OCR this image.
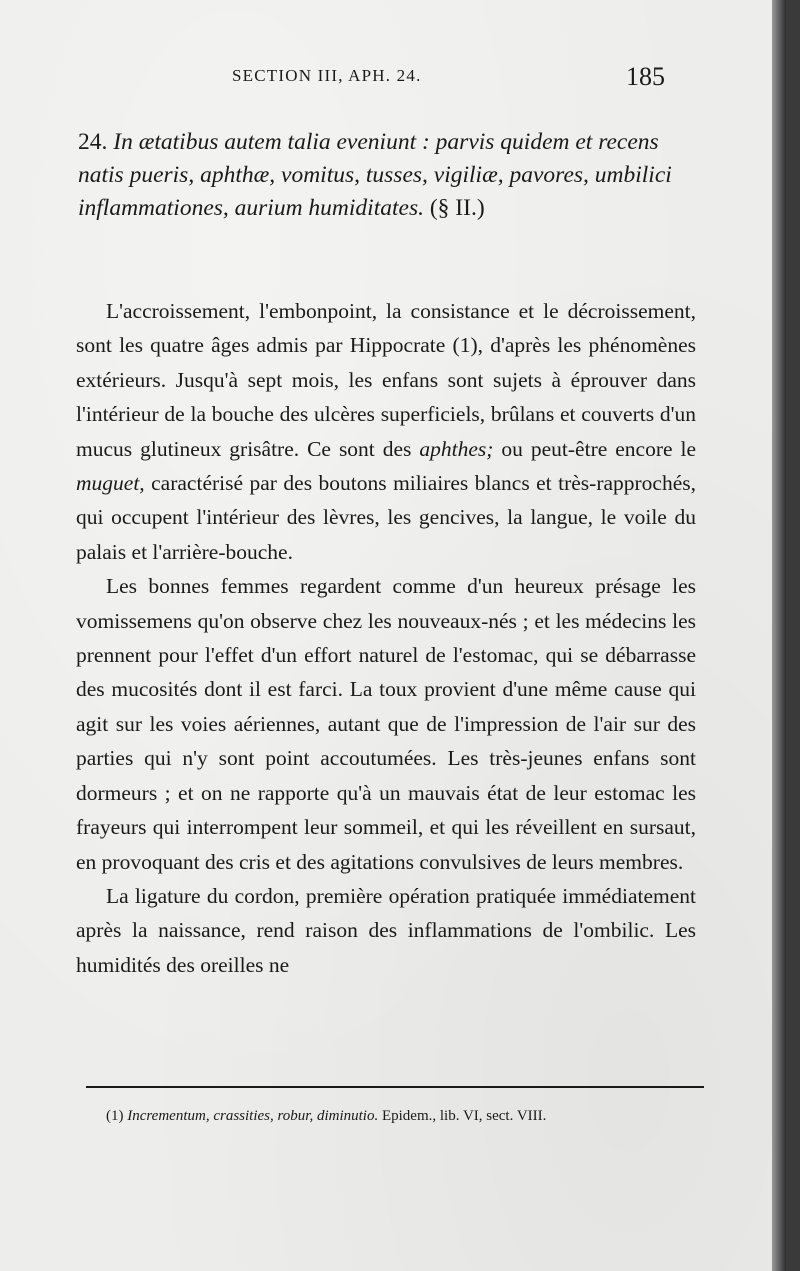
SECTION III, APH. 24.	185
24. In ætatibus autem talia eveniunt : parvis quidem et recens natis pueris, aphthæ, vomitus, tusses, vigiliæ, pavores, umbilici inflammationes, aurium humiditates. (§ II.)

L'accroissement, l'embonpoint, la consistance et le décroissement, sont les quatre âges admis par Hippocrate (1), d'après les phénomènes extérieurs. Jusqu'à sept mois, les enfans sont sujets à éprouver dans l'intérieur de la bouche des ulcères superficiels, brûlans et couverts d'un mucus glutineux grisâtre. Ce sont des aphthes; ou peut-être encore le muguet, caractérisé par des boutons miliaires blancs et très-rapprochés, qui occupent l'intérieur des lèvres, les gencives, la langue, le voile du palais et l'arrière-bouche.

Les bonnes femmes regardent comme d'un heureux présage les vomissemens qu'on observe chez les nouveaux-nés ; et les médecins les prennent pour l'effet d'un effort naturel de l'estomac, qui se débarrasse des mucosités dont il est farci. La toux provient d'une même cause qui agit sur les voies aériennes, autant que de l'impression de l'air sur des parties qui n'y sont point accoutumées. Les très-jeunes enfans sont dormeurs ; et on ne rapporte qu'à un mauvais état de leur estomac les frayeurs qui interrompent leur sommeil, et qui les réveillent en sursaut, en provoquant des cris et des agitations convulsives de leurs membres.

La ligature du cordon, première opération pratiquée immédiatement après la naissance, rend raison des inflammations de l'ombilic. Les humidités des oreilles ne

(1) Incrementum, crassities, robur, diminutio. Epidem., lib. VI, sect. VIII.
